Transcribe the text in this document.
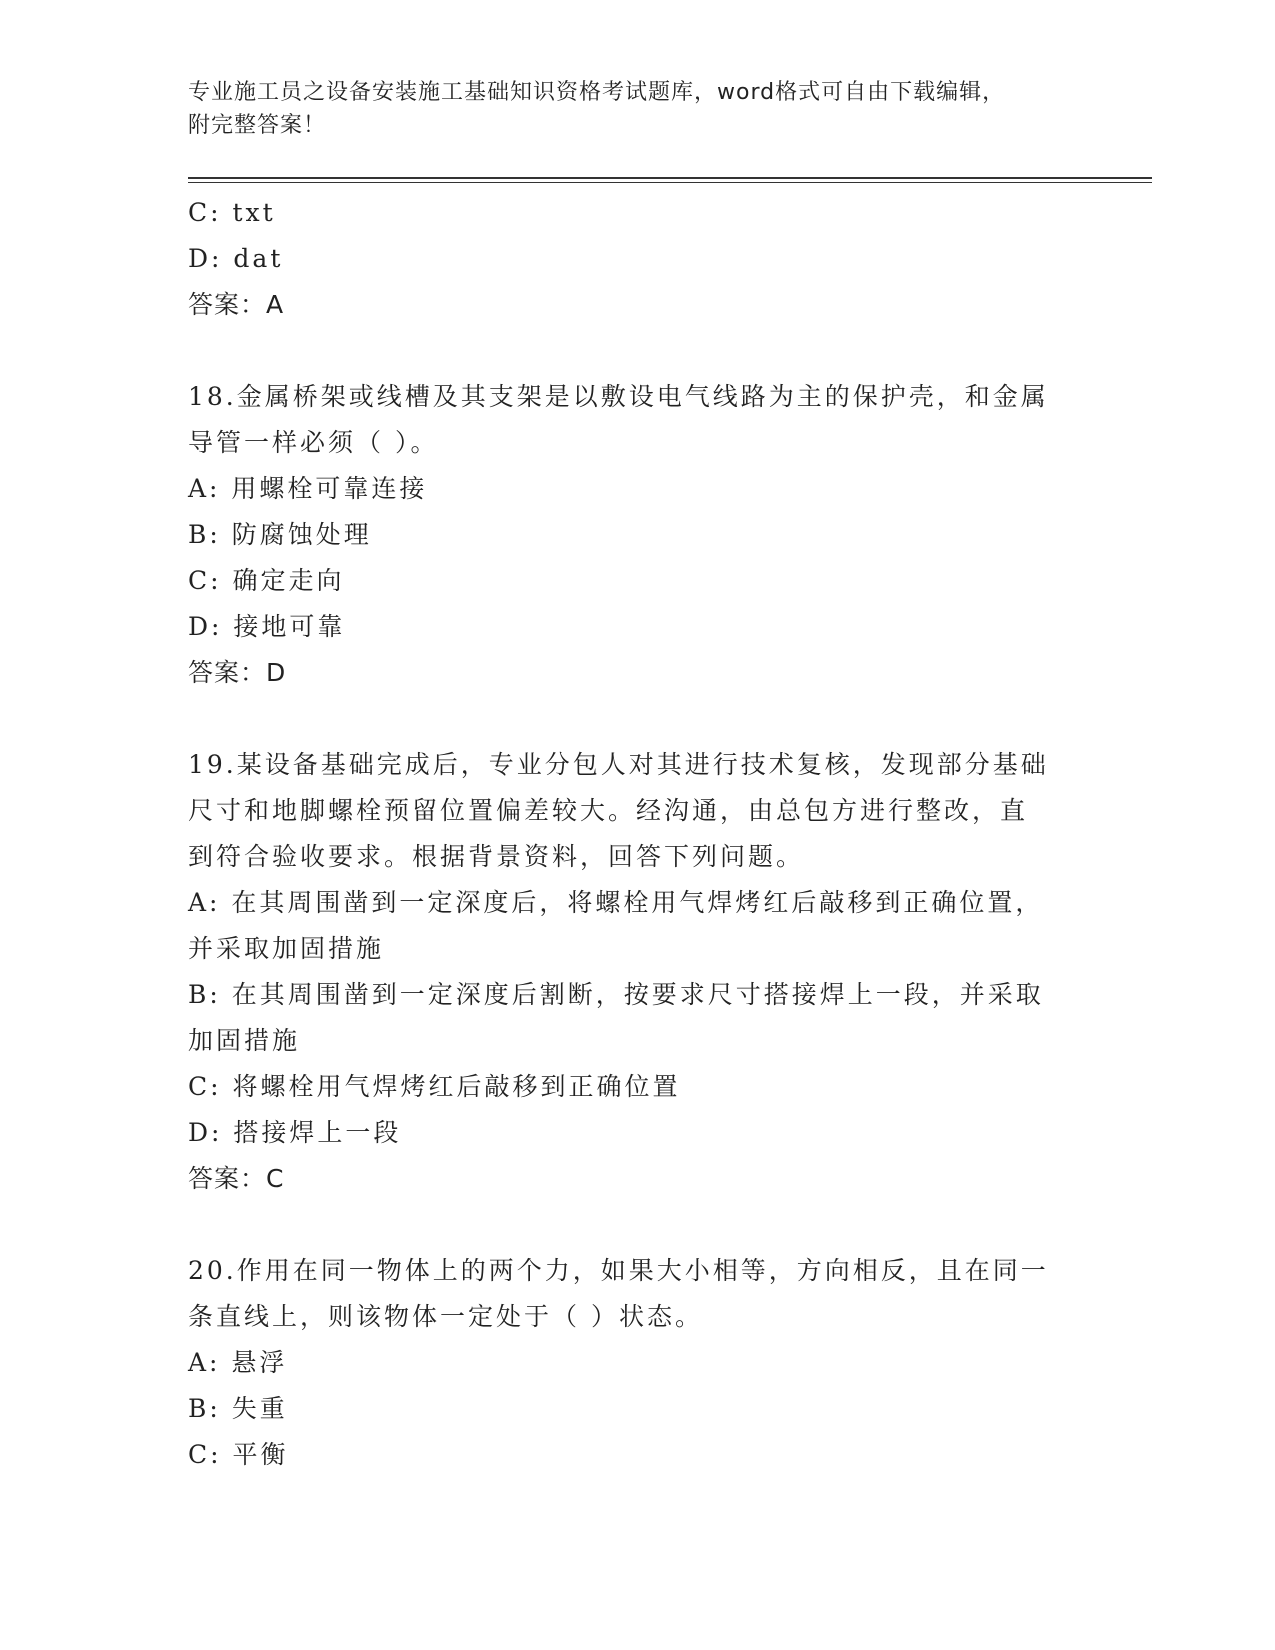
专业施工员之设备安装施工基础知识资格考试题库，word格式可自由下载编辑，
附完整答案！
C: txt
D: dat
答案：A
18.金属桥架或线槽及其支架是以敷设电气线路为主的保护壳，和金属
导管一样必须（ ）。
A: 用螺栓可靠连接
B: 防腐蚀处理
C: 确定走向
D: 接地可靠
答案：D
19.某设备基础完成后，专业分包人对其进行技术复核，发现部分基础
尺寸和地脚螺栓预留位置偏差较大。经沟通，由总包方进行整改，直
到符合验收要求。根据背景资料，回答下列问题。
A: 在其周围凿到一定深度后，将螺栓用气焊烤红后敲移到正确位置，
并采取加固措施
B: 在其周围凿到一定深度后割断，按要求尺寸搭接焊上一段，并采取
加固措施
C: 将螺栓用气焊烤红后敲移到正确位置
D: 搭接焊上一段
答案：C
20.作用在同一物体上的两个力，如果大小相等，方向相反，且在同一
条直线上，则该物体一定处于（ ）状态。
A: 悬浮
B: 失重
C: 平衡
